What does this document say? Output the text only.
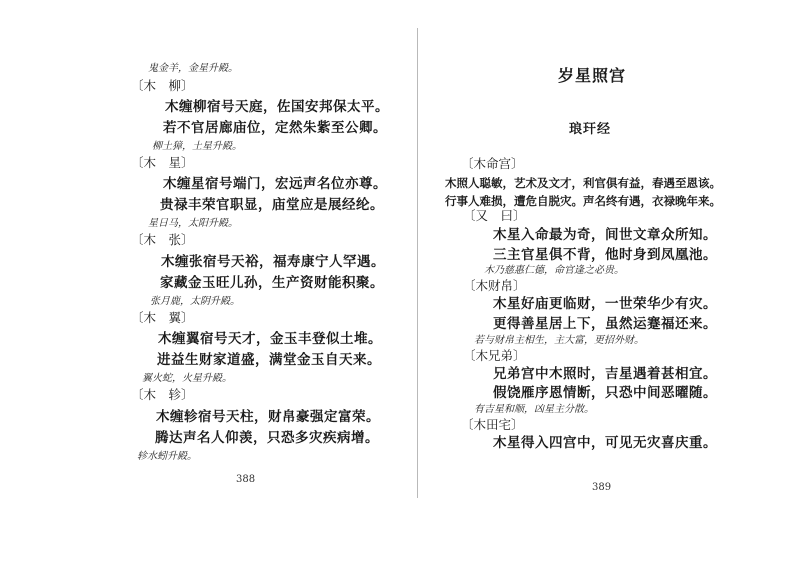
鬼金羊，金星升殿。
〔木　柳〕
木缠柳宿号天庭，佐国安邦保太平。
若不官居廊庙位，定然朱紫至公卿。
柳土獐，土星升殿。
〔木　星〕
木缠星宿号端门，宏远声名位亦尊。
贵禄丰荣官职显，庙堂应是展经纶。
星日马，太阳升殿。
〔木　张〕
木缠张宿号天裕，福寿康宁人罕遇。
家藏金玉旺儿孙，生产资财能积聚。
张月鹿，太阴升殿。
〔木　翼〕
木缠翼宿号天才，金玉丰登似土堆。
进益生财家道盛，满堂金玉自天来。
翼火蛇，火星升殿。
〔木　轸〕
木缠轸宿号天柱，财帛豪强定富荣。
腾达声名人仰羡，只恐多灾疾病增。
轸水蚓升殿。
388
岁星照宫
琅玕经
〔木命宫〕
木照人聪敏，艺术及文才，利官俱有益，春遇至恩该。
行事人难损，遭危自脱灾。声名终有遇，衣禄晚年来。
〔又　曰〕
木星入命最为奇，间世文章众所知。
三主官星俱不背，他时身到凤凰池。
木乃慈惠仁德，命官逢之必贵。
〔木财帛〕
木星好庙更临财，一世荣华少有灾。
更得善星居上下，虽然运蹇福还来。
若与财帛主相生，主大富，更招外财。
〔木兄弟〕
兄弟宫中木照时，吉星遇着甚相宜。
假饶雁序恩情断，只恐中间恶曜随。
有吉星和顺，凶星主分散。
〔木田宅〕
木星得入四宫中，可见无灾喜庆重。
389
